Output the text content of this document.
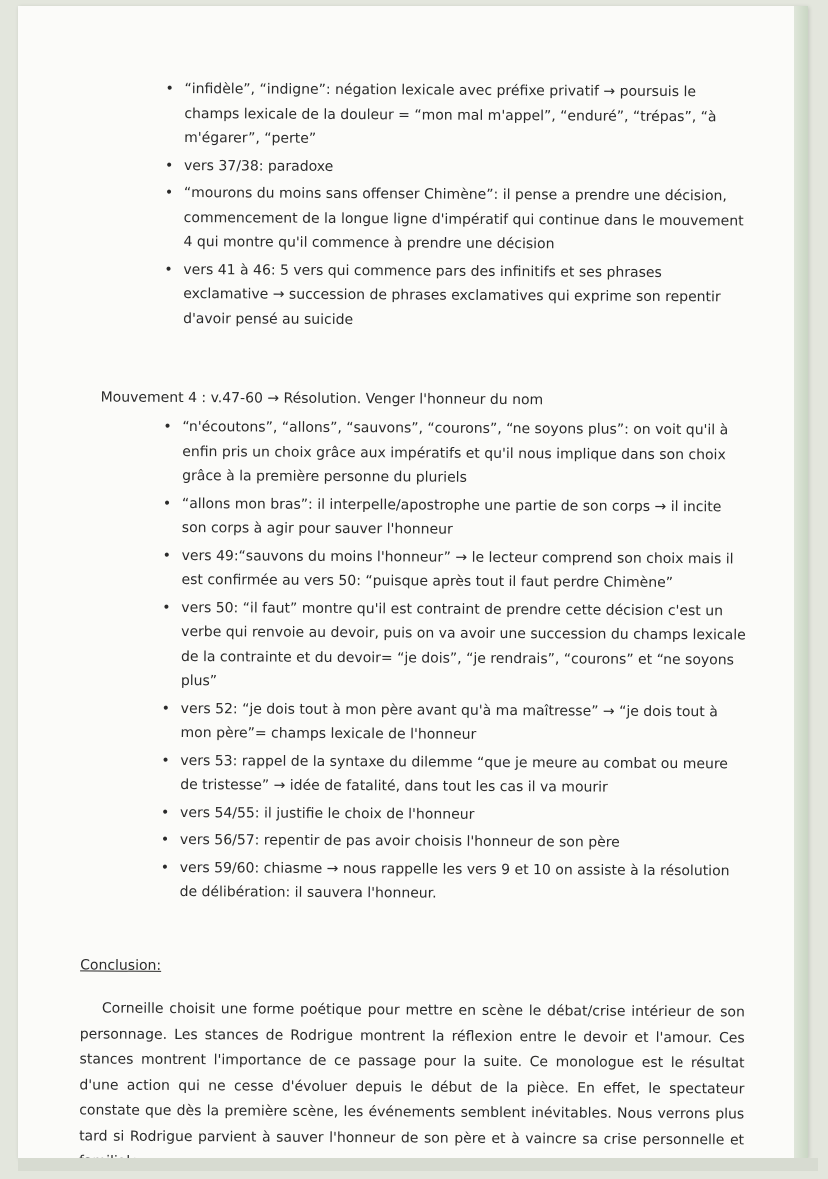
• “infidèle”, “indigne”: négation lexicale avec préfixe privatif → poursuis le champs lexicale de la douleur = “mon mal m'appel”, “enduré”, “trépas”, “à m'égarer”, “perte”
• vers 37/38: paradoxe
• “mourons du moins sans offenser Chimène”: il pense a prendre une décision, commencement de la longue ligne d'impératif qui continue dans le mouvement 4 qui montre qu'il commence à prendre une décision
• vers 41 à 46: 5 vers qui commence pars des infinitifs et ses phrases exclamative → succession de phrases exclamatives qui exprime son repentir d'avoir pensé au suicide
Mouvement 4 : v.47-60 → Résolution. Venger l'honneur du nom
• “n'écoutons”, “allons”, “sauvons”, “courons”, “ne soyons plus”: on voit qu'il à enfin pris un choix grâce aux impératifs et qu'il nous implique dans son choix grâce à la première personne du pluriels
• “allons mon bras”: il interpelle/apostrophe une partie de son corps → il incite son corps à agir pour sauver l'honneur
• vers 49:“sauvons du moins l'honneur” → le lecteur comprend son choix mais il est confirmée au vers 50: “puisque après tout il faut perdre Chimène”
• vers 50: “il faut” montre qu'il est contraint de prendre cette décision c'est un verbe qui renvoie au devoir, puis on va avoir une succession du champs lexicale de la contrainte et du devoir= “je dois”, “je rendrais”, “courons” et “ne soyons plus”
• vers 52: “je dois tout à mon père avant qu'à ma maîtresse” → “je dois tout à mon père”= champs lexicale de l'honneur
• vers 53: rappel de la syntaxe du dilemme “que je meure au combat ou meure de tristesse” → idée de fatalité, dans tout les cas il va mourir
• vers 54/55: il justifie le choix de l'honneur
• vers 56/57: repentir de pas avoir choisis l'honneur de son père
• vers 59/60: chiasme → nous rappelle les vers 9 et 10 on assiste à la résolution de délibération: il sauvera l'honneur.
Conclusion:

Corneille choisit une forme poétique pour mettre en scène le débat/crise intérieur de son personnage. Les stances de Rodrigue montrent la réflexion entre le devoir et l'amour. Ces stances montrent l'importance de ce passage pour la suite. Ce monologue est le résultat d'une action qui ne cesse d'évoluer depuis le début de la pièce. En effet, le spectateur constate que dès la première scène, les événements semblent inévitables. Nous verrons plus tard si Rodrigue parvient à sauver l'honneur de son père et à vaincre sa crise personnelle et
